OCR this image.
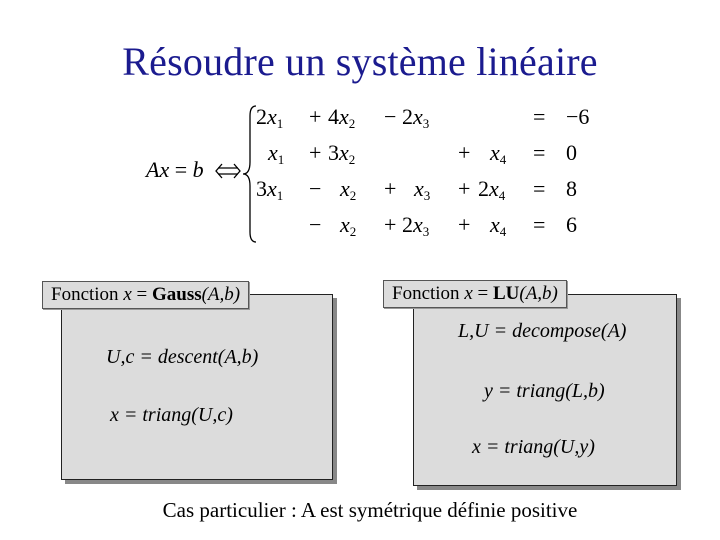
Résoudre un système linéaire
Ax = b
$2x_1 + 4x_2 - 2x_3$	= −6
$x_1 + 3x_2$	+ $x_4 = 0$
$3x_1 - x_2 + x_3 + 2x_4 = 8$
− $x_2 + 2x_3 + x_4 = 6$
Fonction x = Gauss(A,b)
U,c = descent(A,b)
x = triang(U,c)
Fonction x = LU(A,b)
L,U = decompose(A)
y = triang(L,b)
x = triang(U,y)
Cas particulier : A est symétrique définie positive
